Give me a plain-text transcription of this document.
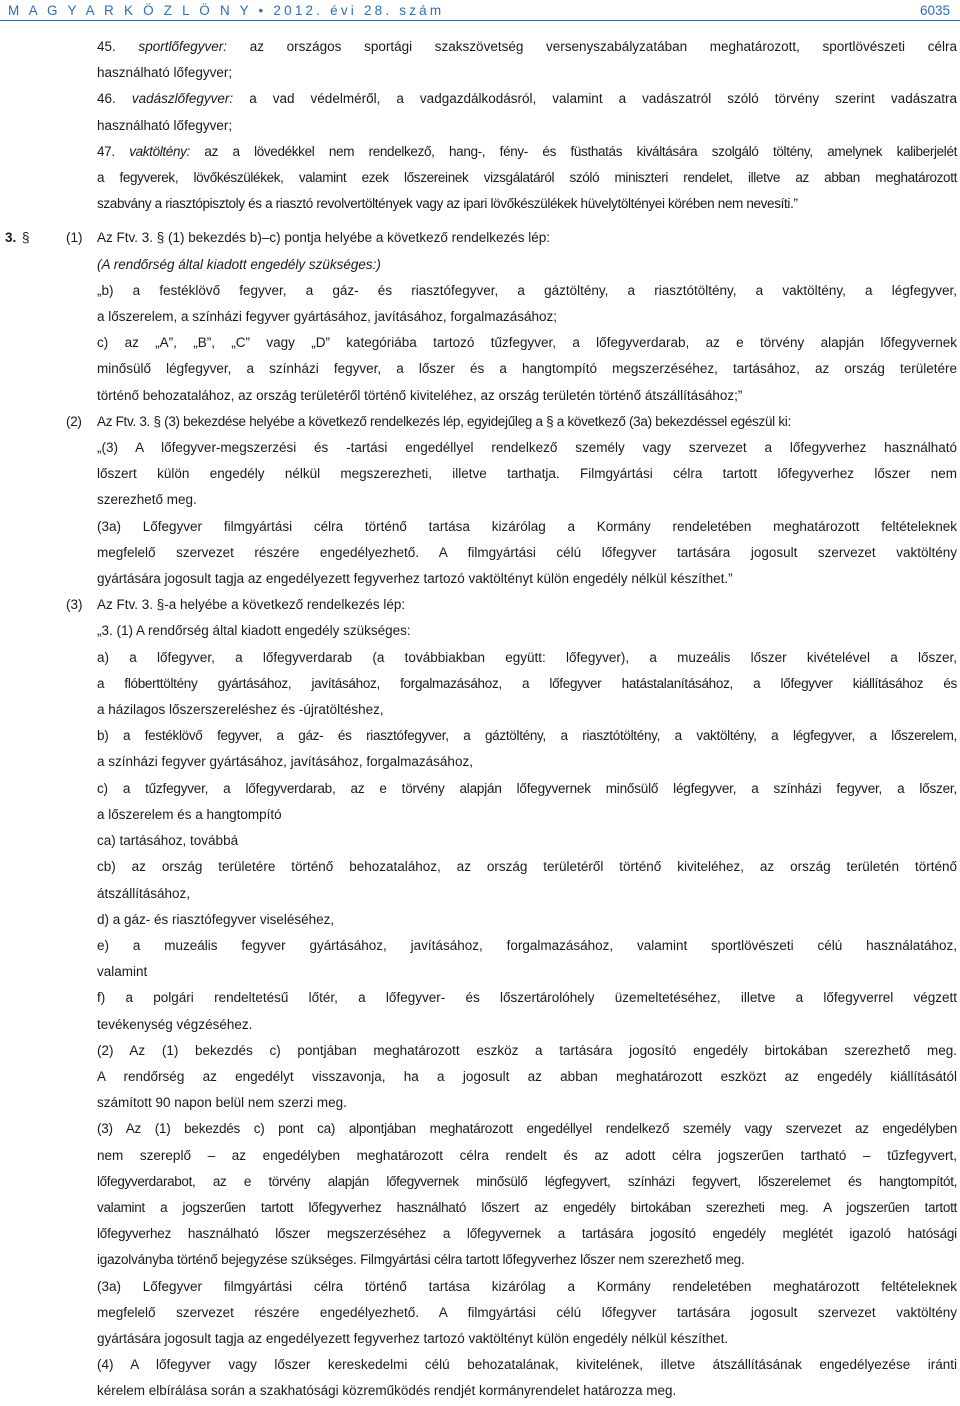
M A G Y A R K Ö Z L Ö N Y • 2012. évi 28. szám	6035
45. sportlőfegyver: az országos sportági szakszövetség versenyszabályzatában meghatározott, sportlövészeti célra
használható lőfegyver;
46. vadászlőfegyver: a vad védelméről, a vadgazdálkodásról, valamint a vadászatról szóló törvény szerint vadászatra
használható lőfegyver;
47. vaktöltény: az a lövedékkel nem rendelkező, hang-, fény- és füsthatás kiváltására szolgáló töltény, amelynek kaliberjelét
a fegyverek, lövőkészülékek, valamint ezek lőszereinek vizsgálatáról szóló miniszteri rendelet, illetve az abban meghatározott
szabvány a riasztópisztoly és a riasztó revolvertöltények vagy az ipari lövőkészülékek hüvelytöltényei körében nem nevesíti.”
3. §	(1) Az Ftv. 3. § (1) bekezdés b)–c) pontja helyébe a következő rendelkezés lép:
(A rendőrség által kiadott engedély szükséges:)
„b) a festéklövő fegyver, a gáz- és riasztófegyver, a gáztöltény, a riasztótöltény, a vaktöltény, a légfegyver,
a lőszerelem, a színházi fegyver gyártásához, javításához, forgalmazásához;
c) az „A”, „B”, „C” vagy „D” kategóriába tartozó tűzfegyver, a lőfegyverdarab, az e törvény alapján lőfegyvernek
minősülő légfegyver, a színházi fegyver, a lőszer és a hangtompító megszerzéséhez, tartásához, az ország területére
történő behozatalához, az ország területéről történő kiviteléhez, az ország területén történő átszállításához;”
(2) Az Ftv. 3. § (3) bekezdése helyébe a következő rendelkezés lép, egyidejűleg a § a következő (3a) bekezdéssel egészül ki:
„(3) A lőfegyver-megszerzési és -tartási engedéllyel rendelkező személy vagy szervezet a lőfegyverhez használható
lőszert külön engedély nélkül megszerezheti, illetve tarthatja. Filmgyártási célra tartott lőfegyverhez lőszer nem
szerezhető meg.
(3a) Lőfegyver filmgyártási célra történő tartása kizárólag a Kormány rendeletében meghatározott feltételeknek
megfelelő szervezet részére engedélyezhető. A filmgyártási célú lőfegyver tartására jogosult szervezet vaktöltény
gyártására jogosult tagja az engedélyezett fegyverhez tartozó vaktöltényt külön engedély nélkül készíthet.”
(3) Az Ftv. 3. §-a helyébe a következő rendelkezés lép:
„3. (1) A rendőrség által kiadott engedély szükséges:
a) a lőfegyver, a lőfegyverdarab (a továbbiakban együtt: lőfegyver), a muzeális lőszer kivételével a lőszer,
a flóberttöltény gyártásához, javításához, forgalmazásához, a lőfegyver hatástalanításához, a lőfegyver kiállításához és
a házilagos lőszerszereléshez és -újratöltéshez,
b) a festéklövő fegyver, a gáz- és riasztófegyver, a gáztöltény, a riasztótöltény, a vaktöltény, a légfegyver, a lőszerelem,
a színházi fegyver gyártásához, javításához, forgalmazásához,
c) a tűzfegyver, a lőfegyverdarab, az e törvény alapján lőfegyvernek minősülő légfegyver, a színházi fegyver, a lőszer,
a lőszerelem és a hangtompító
ca) tartásához, továbbá
cb) az ország területére történő behozatalához, az ország területéről történő kiviteléhez, az ország területén történő
átszállításához,
d) a gáz- és riasztófegyver viseléséhez,
e) a muzeális fegyver gyártásához, javításához, forgalmazásához, valamint sportlövészeti célú használatához,
valamint
f) a polgári rendeltetésű lőtér, a lőfegyver- és lőszertárolóhely üzemeltetéséhez, illetve a lőfegyverrel végzett
tevékenység végzéséhez.
(2) Az (1) bekezdés c) pontjában meghatározott eszköz a tartására jogosító engedély birtokában szerezhető meg.
A rendőrség az engedélyt visszavonja, ha a jogosult az abban meghatározott eszközt az engedély kiállításától
számított 90 napon belül nem szerzi meg.
(3) Az (1) bekezdés c) pont ca) alpontjában meghatározott engedéllyel rendelkező személy vagy szervezet az engedélyben
nem szereplő – az engedélyben meghatározott célra rendelt és az adott célra jogszerűen tartható – tűzfegyvert,
lőfegyverdarabot, az e törvény alapján lőfegyvernek minősülő légfegyvert, színházi fegyvert, lőszerelemet és hangtompítót,
valamint a jogszerűen tartott lőfegyverhez használható lőszert az engedély birtokában szerezheti meg. A jogszerűen tartott
lőfegyverhez használható lőszer megszerzéséhez a lőfegyvernek a tartására jogosító engedély meglétét igazoló hatósági
igazolványba történő bejegyzése szükséges. Filmgyártási célra tartott lőfegyverhez lőszer nem szerezhető meg.
(3a) Lőfegyver filmgyártási célra történő tartása kizárólag a Kormány rendeletében meghatározott feltételeknek
megfelelő szervezet részére engedélyezhető. A filmgyártási célú lőfegyver tartására jogosult szervezet vaktöltény
gyártására jogosult tagja az engedélyezett fegyverhez tartozó vaktöltényt külön engedély nélkül készíthet.
(4) A lőfegyver vagy lőszer kereskedelmi célú behozatalának, kivitelének, illetve átszállításának engedélyezése iránti
kérelem elbírálása során a szakhatósági közreműködés rendjét kormányrendelet határozza meg.
